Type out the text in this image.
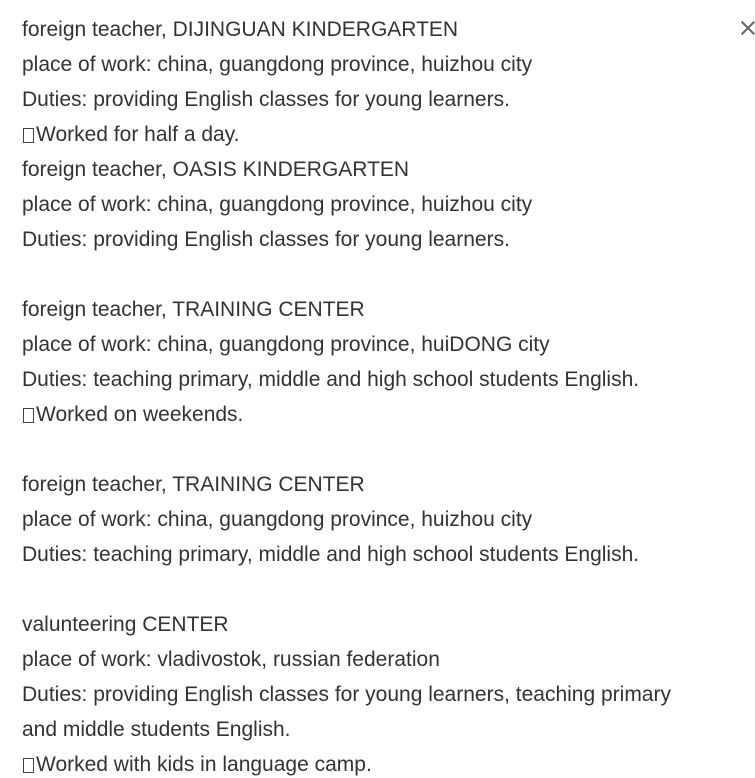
foreign teacher, DIJINGUAN KINDERGARTEN
place of work: china, guangdong province, huizhou city
Duties: providing English classes for young learners.
Worked for half a day.
foreign teacher, OASIS KINDERGARTEN
place of work: china, guangdong province, huizhou city
Duties: providing English classes for young learners.
foreign teacher, TRAINING CENTER
place of work: china, guangdong province, huiDONG city
Duties: teaching primary, middle and high school students English.
Worked on weekends.
foreign teacher, TRAINING CENTER
place of work: china, guangdong province, huizhou city
Duties: teaching primary, middle and high school students English.
valunteering CENTER
place of work: vladivostok, russian federation
Duties: providing English classes for young learners, teaching primary
and middle students English.
Worked with kids in language camp.
